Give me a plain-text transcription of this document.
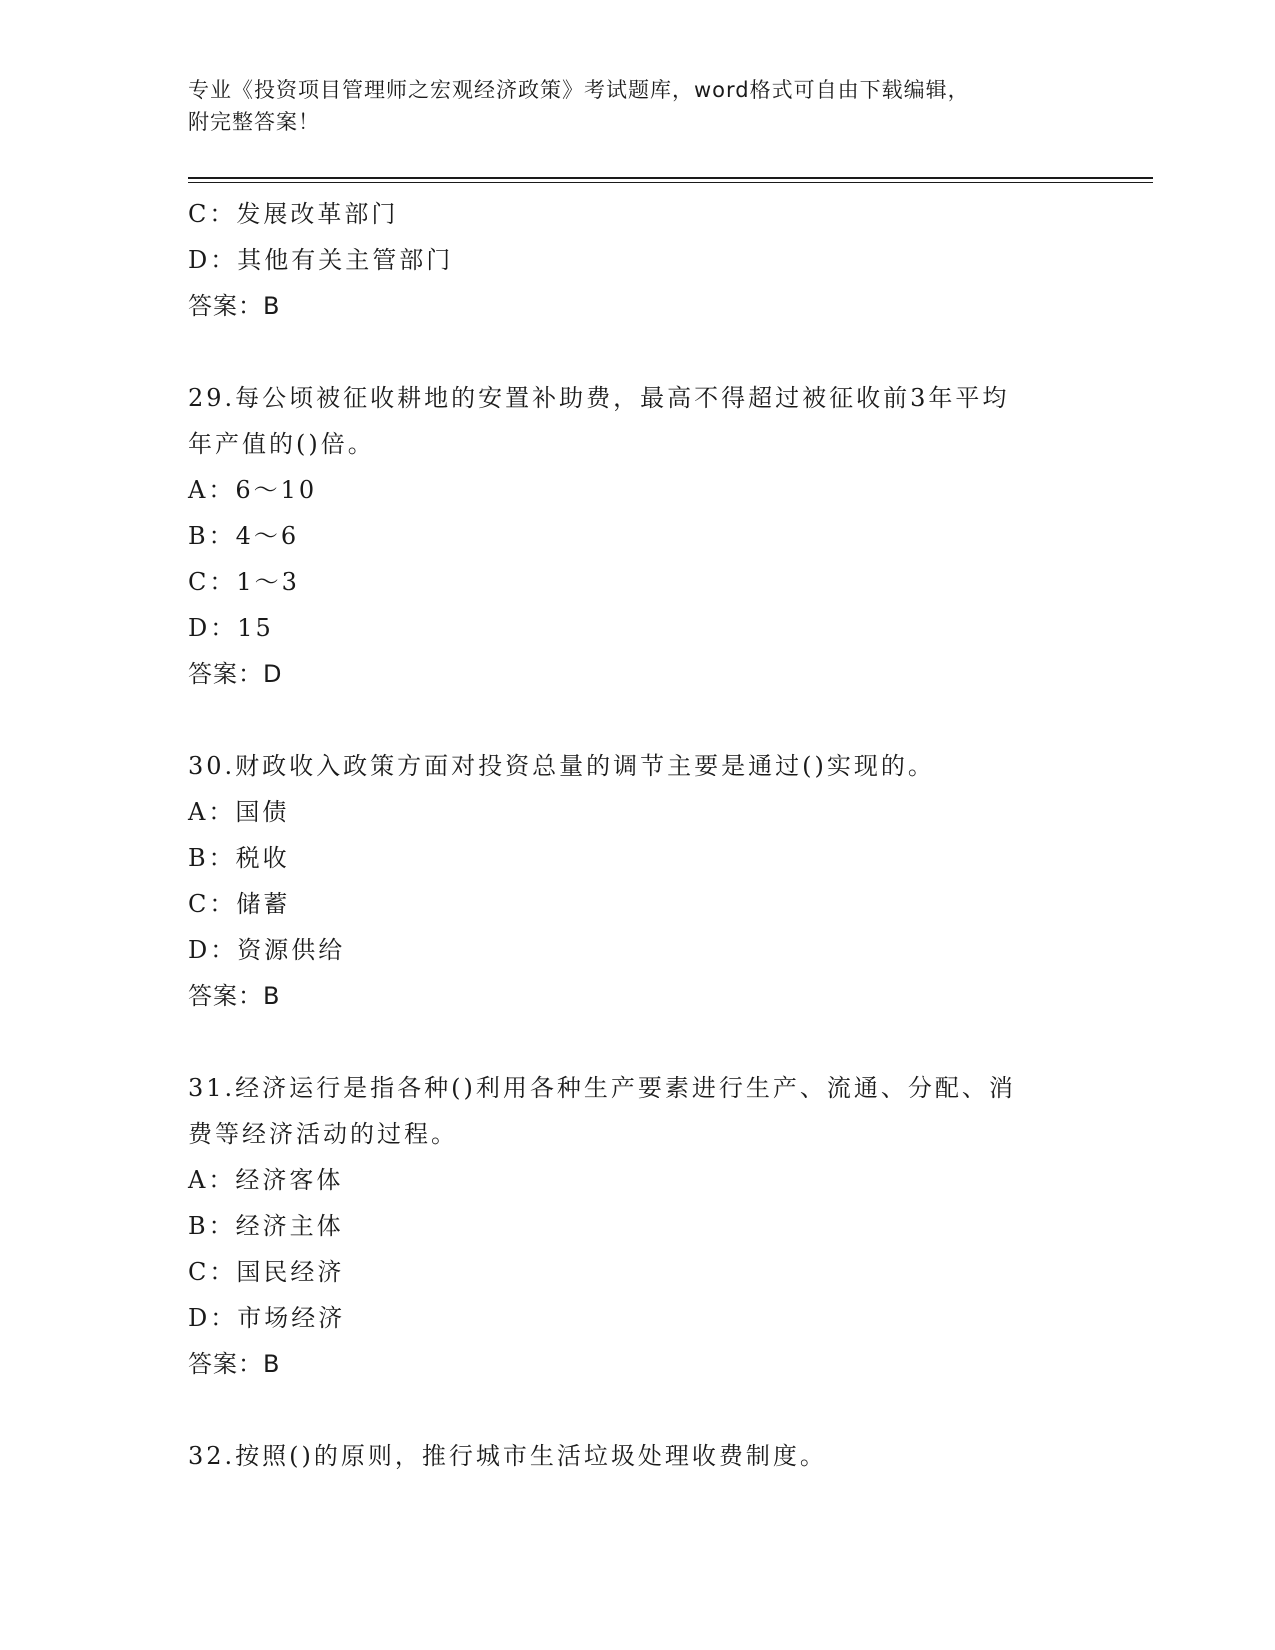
专业《投资项目管理师之宏观经济政策》考试题库，word格式可自由下载编辑，
附完整答案！
C：发展改革部门
D：其他有关主管部门
答案：B
29.每公顷被征收耕地的安置补助费，最高不得超过被征收前3年平均
年产值的()倍。
A：6～10
B：4～6
C：1～3
D：15
答案：D
30.财政收入政策方面对投资总量的调节主要是通过()实现的。
A：国债
B：税收
C：储蓄
D：资源供给
答案：B
31.经济运行是指各种()利用各种生产要素进行生产、流通、分配、消
费等经济活动的过程。
A：经济客体
B：经济主体
C：国民经济
D：市场经济
答案：B
32.按照()的原则，推行城市生活垃圾处理收费制度。
